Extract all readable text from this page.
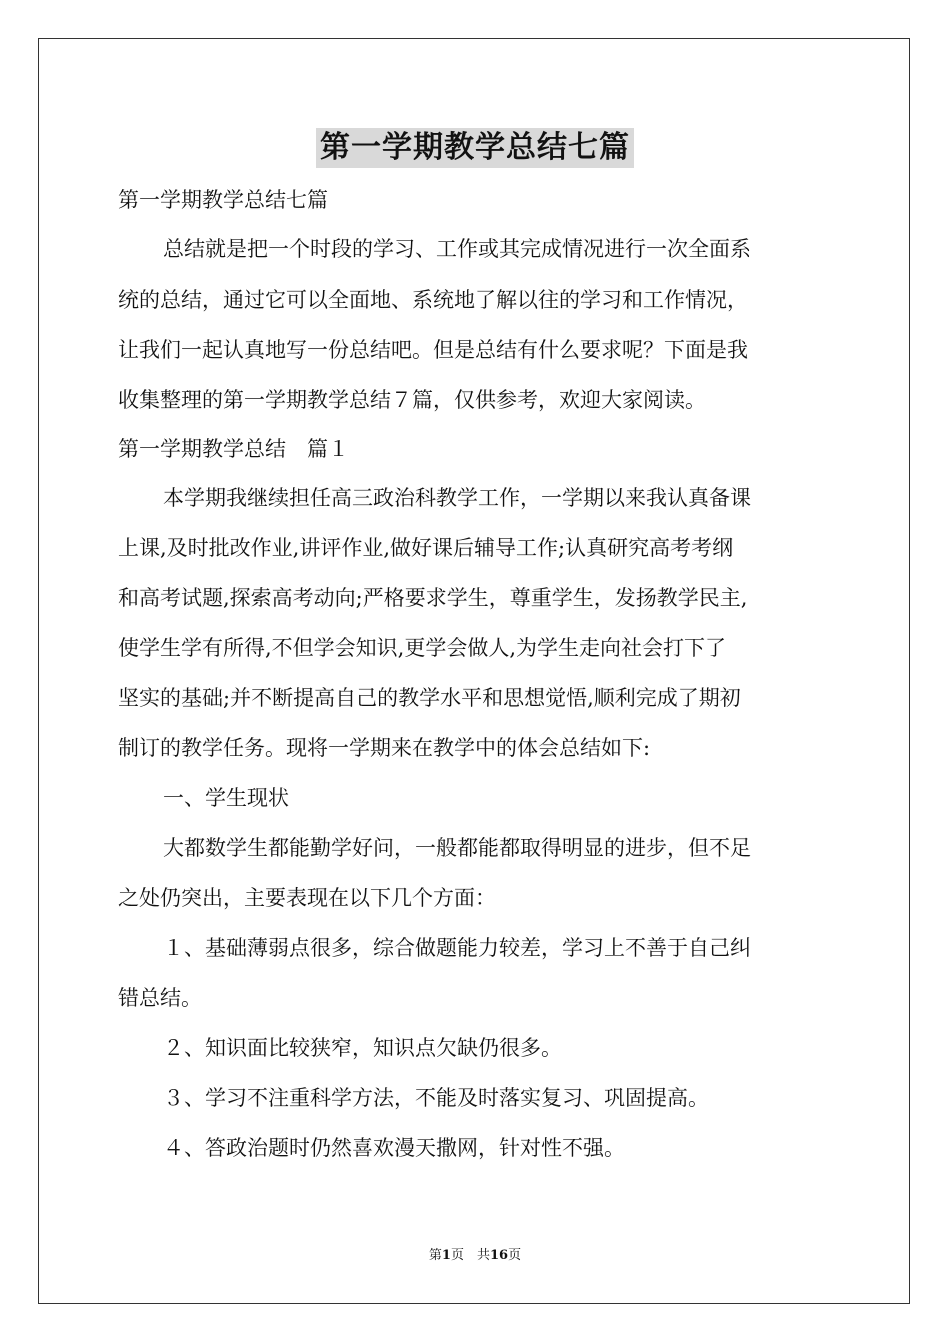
第一学期教学总结七篇
第一学期教学总结七篇
总结就是把一个时段的学习、工作或其完成情况进行一次全面系
统的总结，通过它可以全面地、系统地了解以往的学习和工作情况，
让我们一起认真地写一份总结吧。但是总结有什么要求呢？下面是我
收集整理的第一学期教学总结７篇，仅供参考，欢迎大家阅读。
第一学期教学总结　篇１
本学期我继续担任高三政治科教学工作，一学期以来我认真备课
上课,及时批改作业,讲评作业,做好课后辅导工作;认真研究高考考纲
和高考试题,探索高考动向;严格要求学生，尊重学生，发扬教学民主,
使学生学有所得,不但学会知识,更学会做人,为学生走向社会打下了
坚实的基础;并不断提高自己的教学水平和思想觉悟,顺利完成了期初
制订的教学任务。现将一学期来在教学中的体会总结如下:
一、学生现状
大都数学生都能勤学好问，一般都能都取得明显的进步，但不足
之处仍突出，主要表现在以下几个方面：
１、基础薄弱点很多，综合做题能力较差，学习上不善于自己纠
错总结。
２、知识面比较狭窄，知识点欠缺仍很多。
３、学习不注重科学方法，不能及时落实复习、巩固提高。
４、答政治题时仍然喜欢漫天撒网，针对性不强。
第1页　共16页
